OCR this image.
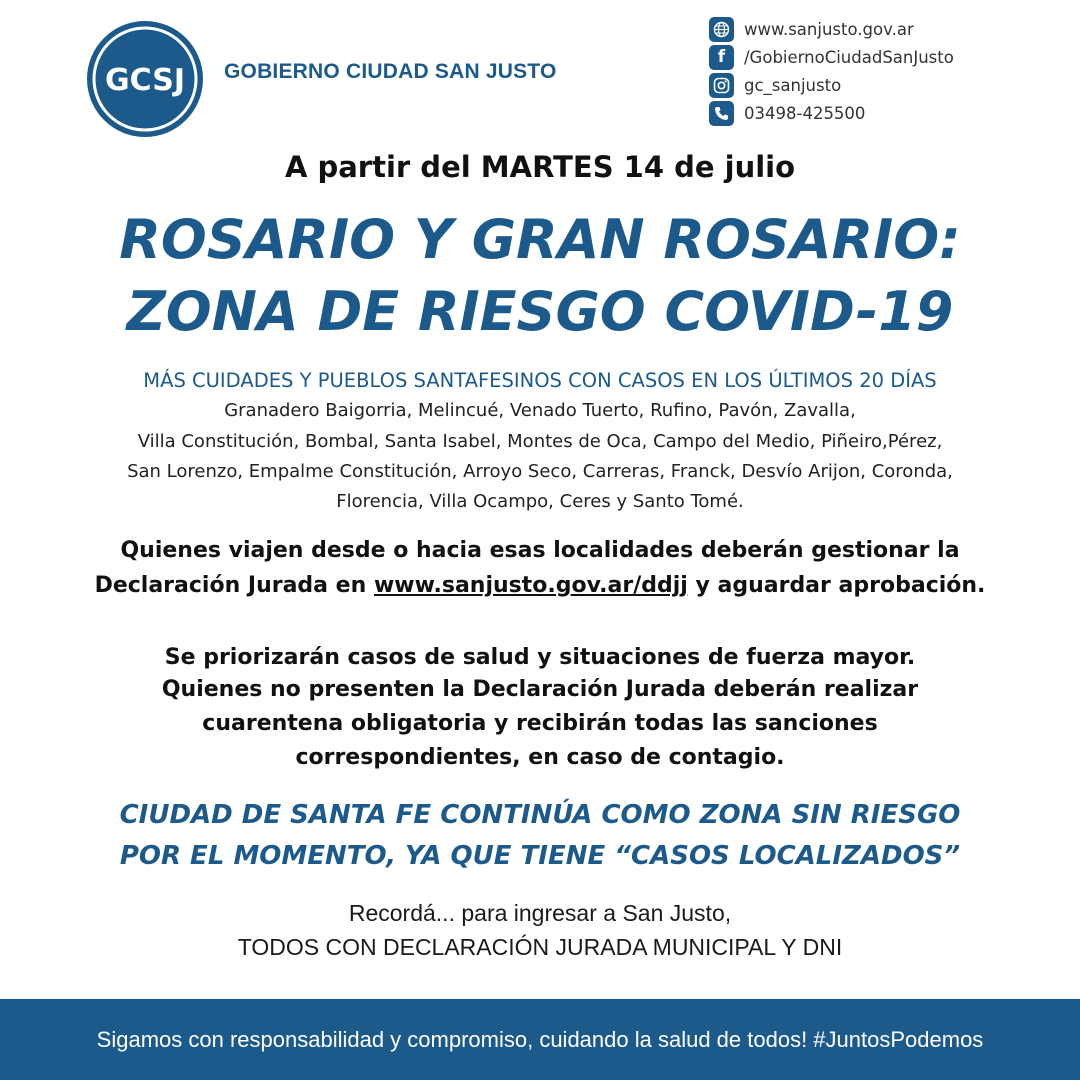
GCSJ GOBIERNO CIUDAD SAN JUSTO
www.sanjusto.gov.ar
f /GobiernoCiudadSanJusto
gc_sanjusto
03498-425500
A partir del MARTES 14 de julio
ROSARIO Y GRAN ROSARIO:
ZONA DE RIESGO COVID-19
MÁS CUIDADES Y PUEBLOS SANTAFESINOS CON CASOS EN LOS ÚLTIMOS 20 DÍAS
Granadero Baigorria, Melincué, Venado Tuerto, Rufino, Pavón, Zavalla,
Villa Constitución, Bombal, Santa Isabel, Montes de Oca, Campo del Medio, Piñeiro,Pérez,
San Lorenzo, Empalme Constitución, Arroyo Seco, Carreras, Franck, Desvío Arijon, Coronda,
Florencia, Villa Ocampo, Ceres y Santo Tomé.
Quienes viajen desde o hacia esas localidades deberán gestionar la
Declaración Jurada en www.sanjusto.gov.ar/ddjj y aguardar aprobación.
Se priorizarán casos de salud y situaciones de fuerza mayor.
Quienes no presenten la Declaración Jurada deberán realizar
cuarentena obligatoria y recibirán todas las sanciones
correspondientes, en caso de contagio.
CIUDAD DE SANTA FE CONTINÚA COMO ZONA SIN RIESGO
POR EL MOMENTO, YA QUE TIENE “CASOS LOCALIZADOS”
Recordá... para ingresar a San Justo,
TODOS CON DECLARACIÓN JURADA MUNICIPAL Y DNI
Sigamos con responsabilidad y compromiso, cuidando la salud de todos! #JuntosPodemos
